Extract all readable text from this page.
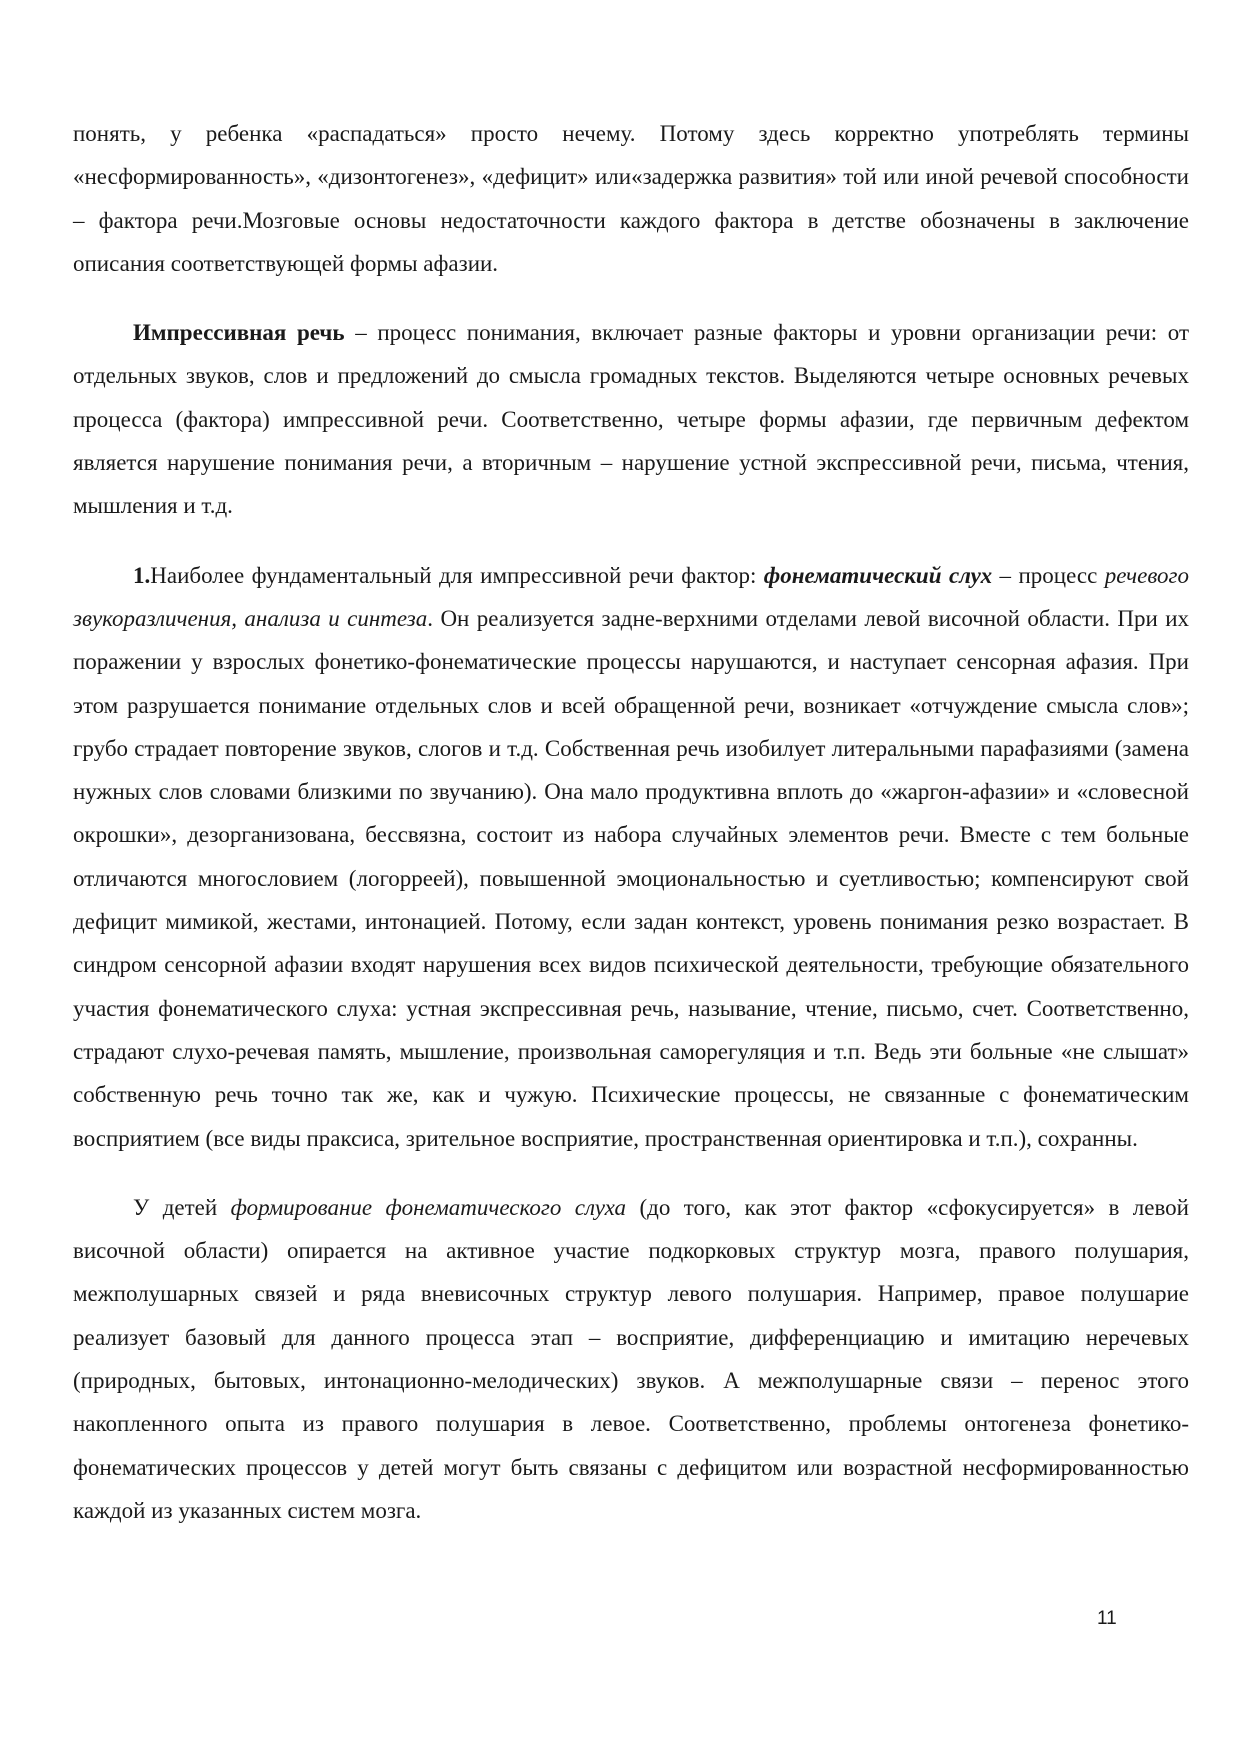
понять, у ребенка «распадаться» просто нечему. Потому здесь корректно употреблять термины «несформированность», «дизонтогенез», «дефицит» или«задержка развития» той или иной речевой способности – фактора речи.Мозговые основы недостаточности каждого фактора в детстве обозначены в заключение описания соответствующей формы афазии.

Импрессивная речь – процесс понимания, включает разные факторы и уровни организации речи: от отдельных звуков, слов и предложений до смысла громадных текстов. Выделяются четыре основных речевых процесса (фактора) импрессивной речи. Соответственно, четыре формы афазии, где первичным дефектом является нарушение понимания речи, а вторичным – нарушение устной экспрессивной речи, письма, чтения, мышления и т.д.

1.Наиболее фундаментальный для импрессивной речи фактор: фонематический слух – процесс речевого звукоразличения, анализа и синтеза. Он реализуется задне-верхними отделами левой височной области. При их поражении у взрослых фонетико-фонематические процессы нарушаются, и наступает сенсорная афазия. При этом разрушается понимание отдельных слов и всей обращенной речи, возникает «отчуждение смысла слов»; грубо страдает повторение звуков, слогов и т.д. Собственная речь изобилует литеральными парафазиями (замена нужных слов словами близкими по звучанию). Она мало продуктивна вплоть до «жаргон-афазии» и «словесной окрошки», дезорганизована, бессвязна, состоит из набора случайных элементов речи. Вместе с тем больные отличаются многословием (логорреей), повышенной эмоциональностью и суетливостью; компенсируют свой дефицит мимикой, жестами, интонацией. Потому, если задан контекст, уровень понимания резко возрастает. В синдром сенсорной афазии входят нарушения всех видов психической деятельности, требующие обязательного участия фонематического слуха: устная экспрессивная речь, называние, чтение, письмо, счет. Соответственно, страдают слухо-речевая память, мышление, произвольная саморегуляция и т.п. Ведь эти больные «не слышат» собственную речь точно так же, как и чужую. Психические процессы, не связанные с фонематическим восприятием (все виды праксиса, зрительное восприятие, пространственная ориентировка и т.п.), сохранны.

У детей формирование фонематического слуха (до того, как этот фактор «сфокусируется» в левой височной области) опирается на активное участие подкорковых структур мозга, правого полушария, межполушарных связей и ряда вневисочных структур левого полушария. Например, правое полушарие реализует базовый для данного процесса этап – восприятие, дифференциацию и имитацию неречевых (природных, бытовых, интонационно-мелодических) звуков. А межполушарные связи – перенос этого накопленного опыта из правого полушария в левое. Соответственно, проблемы онтогенеза фонетико-фонематических процессов у детей могут быть связаны с дефицитом или возрастной несформированностью каждой из указанных систем мозга.

11
